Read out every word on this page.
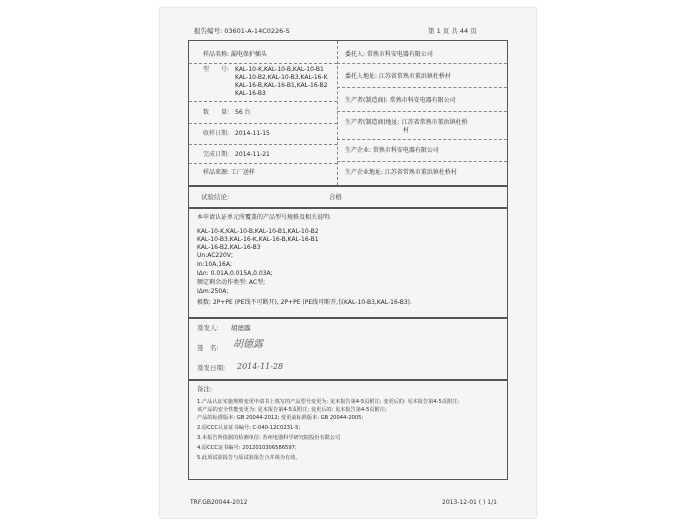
报告编号: 03601-A-14C0226-S	第 1 页 共 44 页
样品名称: 漏电保护插头
型　　号: KAL-10-K,KAL-10-B,KAL-10-B1
KAL-10-B2,KAL-10-B3,KAL-16-K
KAL-16-B,KAL-16-B1,KAL-16-B2
KAL-16-B3
数　　量: 56 台
收样日期: 2014-11-15
完成日期: 2014-11-21
样品来源: 工厂送样
委托人: 常熟市科安电器有限公司
委托人地址: 江苏省常熟市董浜镇杜桥村
生产者(制造商): 常熟市科安电器有限公司
生产者(制造商)地址: 江苏省常熟市董浜镇杜桥
村
生产企业: 常熟市科安电器有限公司
生产企业地址: 江苏省常熟市董浜镇杜桥村
试验结论:	合格
本申请认证单元所覆盖的产品型号规格及相关说明:
KAL-10-K,KAL-10-B,KAL-10-B1,KAL-10-B2
KAL-10-B3,KAL-16-K,KAL-16-B,KAL-16-B1
KAL-16-B2,KAL-16-B3
Un:AC220V;
In:10A,16A;
IΔn: 0.01A,0.015A,0.03A;
额定剩余动作类型: AC型;
IΔm:250A;
极数: 2P+PE (PE线不可断开), 2P+PE (PE线可断开,仅KAL-10-B3,KAL-16-B3).
签发人: 胡德露
签　名: 胡德露
签发日期: 2014-11-28
备注:
1.产品认证实施规则变更申请书上填写的产品型号变更为: 见本报告第4-5页附注; 变更后的: 见本报告第4-5页附注;
该产品的安全性能变更为: 见本报告第4-5页附注; 变更后的: 见本报告第4-5页附注;
产品的标准版本: GB 20044-2012; 变更前标准版本: GB 20044-2005;
2.原CCC认证证书编号: C-040-12C0231-5;
3.本报告所依据的检测单位: 苏州电器科学研究院股份有限公司
4.原CCC证书编号: 2012010306586597;
5.此项试验报告与原试验报告合并视为有效。
TRF.GB20044-2012	2013-12-01 ( ) 1/1
